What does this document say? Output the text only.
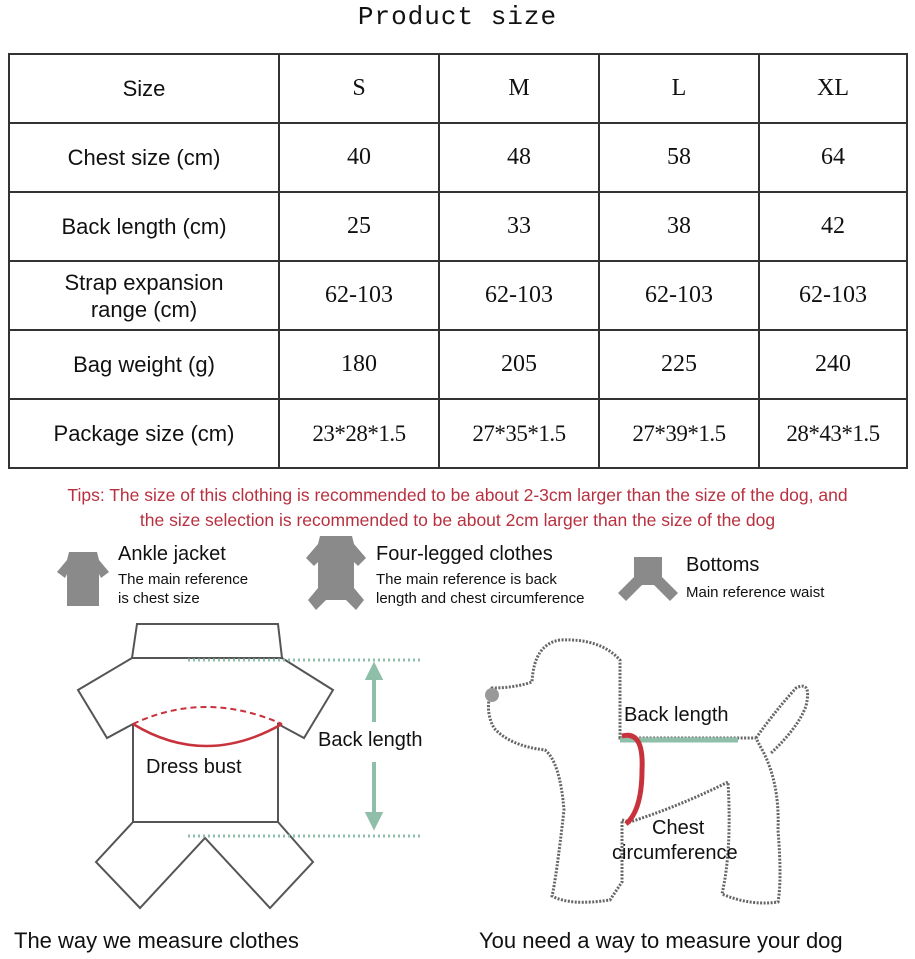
Product size
Size	S	M	L	XL
Chest size (cm)	40	48	58	64
Back length (cm)	25	33	38	42
Strap expansion
range (cm)	62-103	62-103	62-103	62-103
Bag weight (g)	180	205	225	240
Package size (cm)	23*28*1.5	27*35*1.5	27*39*1.5	28*43*1.5
Tips: The size of this clothing is recommended to be about 2-3cm larger than the size of the dog, and
the size selection is recommended to be about 2cm larger than the size of the dog
Ankle jacket
The main reference
is chest size
Four-legged clothes
The main reference is back
length and chest circumference
Bottoms
Main reference waist
Back length
Dress bust
The way we measure clothes
Back length
Chest
circumference
You need a way to measure your dog
